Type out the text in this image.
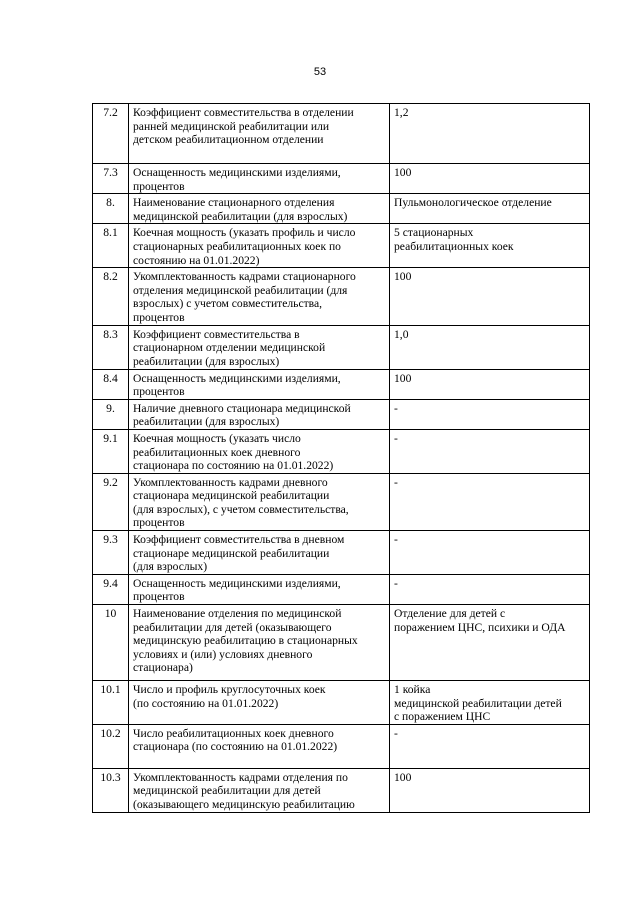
53
7.2	Коэффициент совместительства в отделении
ранней медицинской реабилитации или
детском реабилитационном отделении	1,2

7.3	Оснащенность медицинскими изделиями,
процентов	100

8.	Наименование стационарного отделения
медицинской реабилитации (для взрослых)	Пульмонологическое отделение

8.1	Коечная мощность (указать профиль и число
стационарных реабилитационных коек по
состоянию на 01.01.2022)	5 стационарных
реабилитационных коек

8.2	Укомплектованность кадрами стационарного
отделения медицинской реабилитации (для
взрослых) с учетом совместительства,
процентов	100

8.3	Коэффициент совместительства в
стационарном отделении медицинской
реабилитации (для взрослых)	1,0

8.4	Оснащенность медицинскими изделиями,
процентов	100

9.	Наличие дневного стационара медицинской
реабилитации (для взрослых)	-

9.1	Коечная мощность (указать число
реабилитационных коек дневного
стационара по состоянию на 01.01.2022)	-

9.2	Укомплектованность кадрами дневного
стационара медицинской реабилитации
(для взрослых), с учетом совместительства,
процентов	-

9.3	Коэффициент совместительства в дневном
стационаре медицинской реабилитации
(для взрослых)	-

9.4	Оснащенность медицинскими изделиями,
процентов	-

10	Наименование отделения по медицинской
реабилитации для детей (оказывающего
медицинскую реабилитацию в стационарных
условиях и (или) условиях дневного
стационара)	Отделение для детей с
поражением ЦНС, психики и ОДА

10.1	Число и профиль круглосуточных коек
(по состоянию на 01.01.2022)	1 койка
медицинской реабилитации детей
с поражением ЦНС

10.2	Число реабилитационных коек дневного
стационара (по состоянию на 01.01.2022)	-

10.3	Укомплектованность кадрами отделения по
медицинской реабилитации для детей
(оказывающего медицинскую реабилитацию	100
